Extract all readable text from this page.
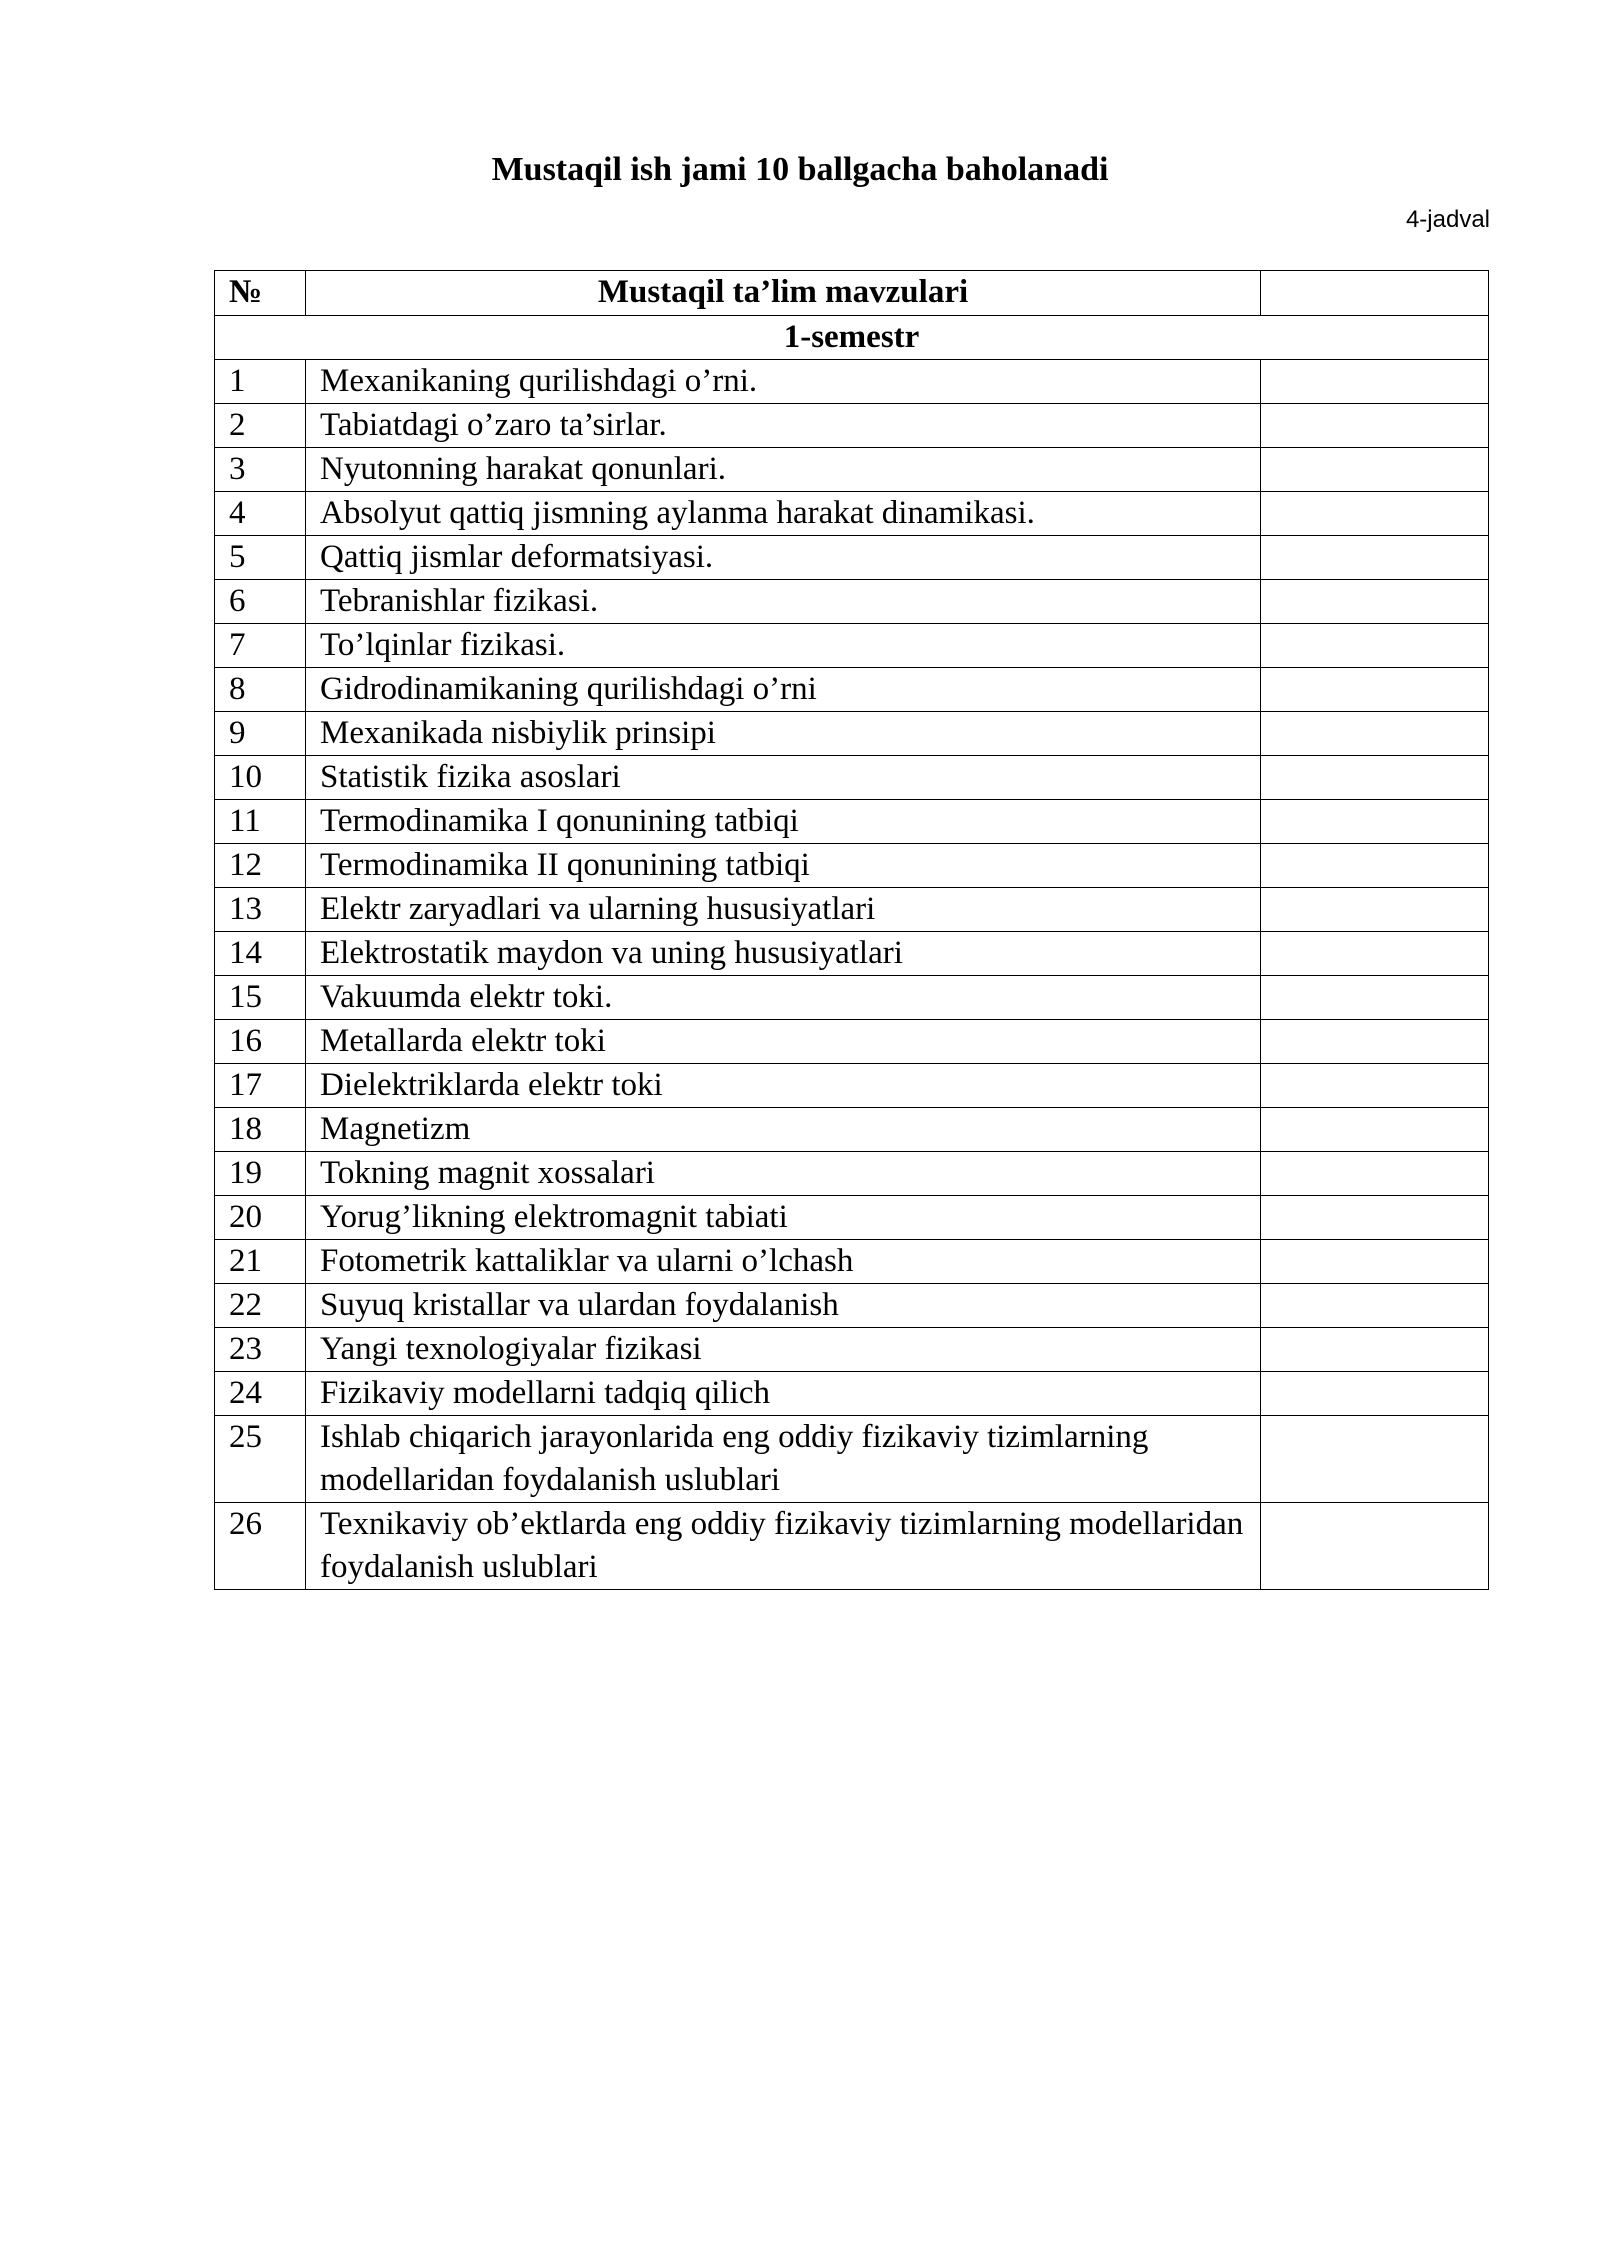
Mustaqil ish jami 10 ballgacha baholanadi
4-jadval
№	Mustaqil ta’lim mavzulari	
1-semestr		
1	Mexanikaning qurilishdagi o’rni.	
2	Tabiatdagi o’zaro ta’sirlar.	
3	Nyutonning harakat qonunlari.	
4	Absolyut qattiq jismning aylanma harakat dinamikasi.	
5	Qattiq jismlar deformatsiyasi.	
6	Tebranishlar fizikasi.	
7	To’lqinlar fizikasi.	
8	Gidrodinamikaning qurilishdagi o’rni	
9	Mexanikada nisbiylik prinsipi	
10	Statistik fizika asoslari	
11	Termodinamika I qonunining tatbiqi	
12	Termodinamika II qonunining tatbiqi	
13	Elektr zaryadlari va ularning hususiyatlari	
14	Elektrostatik maydon va uning hususiyatlari	
15	Vakuumda elektr toki.	
16	Metallarda elektr toki	
17	Dielektriklarda elektr toki	
18	Magnetizm	
19	Tokning magnit xossalari	
20	Yorug’likning elektromagnit tabiati	
21	Fotometrik kattaliklar va ularni o’lchash	
22	Suyuq kristallar va ulardan foydalanish	
23	Yangi texnologiyalar fizikasi	
24	Fizikaviy modellarni tadqiq qilich	
25	Ishlab chiqarich jarayonlarida eng oddiy fizikaviy tizimlarning modellaridan foydalanish uslublari	
26	Texnikaviy ob’ektlarda eng oddiy fizikaviy tizimlarning modellaridan foydalanish uslublari	
